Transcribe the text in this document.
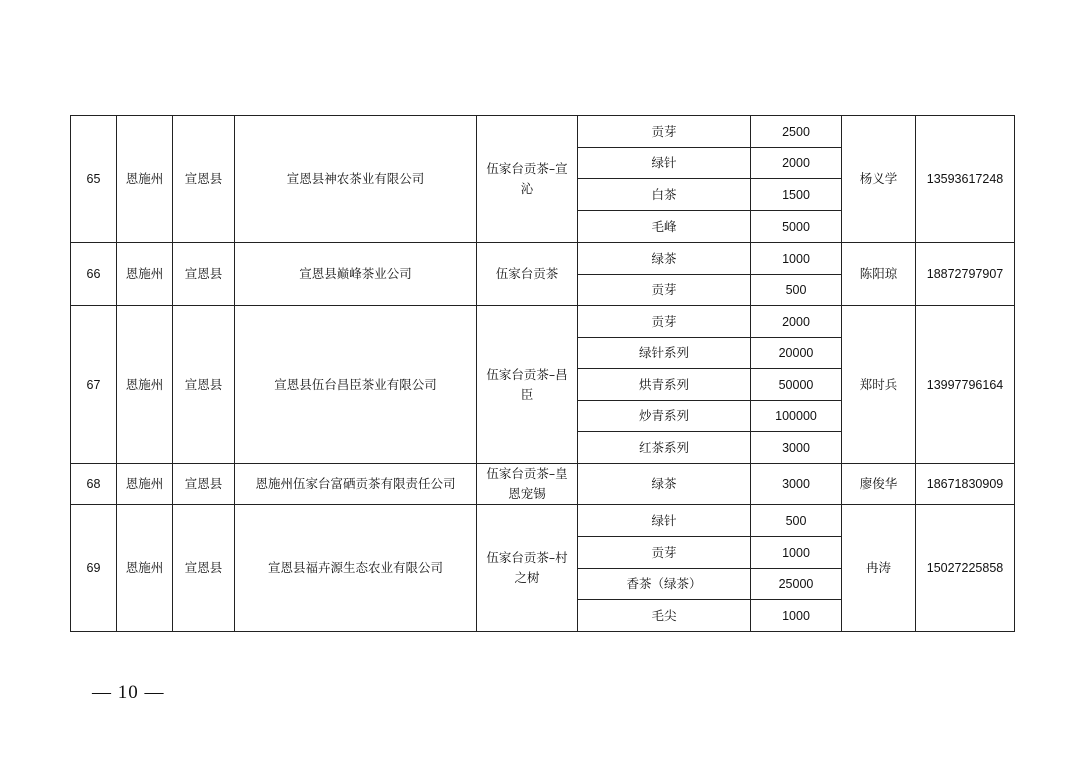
65	恩施州	宣恩县	宣恩县神农茶业有限公司	伍家台贡茶–宣沁	贡芽	2500	杨义学	13593617248
					绿针	2000		
					白茶	1500		
					毛峰	5000		
66	恩施州	宣恩县	宣恩县巅峰茶业公司	伍家台贡茶	绿茶	1000	陈阳琼	18872797907
					贡芽	500		
67	恩施州	宣恩县	宣恩县伍台昌臣茶业有限公司	伍家台贡茶–昌臣	贡芽	2000	郑时兵	13997796164
					绿针系列	20000		
					烘青系列	50000		
					炒青系列	100000		
					红茶系列	3000		
68	恩施州	宣恩县	恩施州伍家台富硒贡茶有限责任公司	伍家台贡茶–皇恩宠锡	绿茶	3000	廖俊华	18671830909
69	恩施州	宣恩县	宣恩县福卉源生态农业有限公司	伍家台贡茶–村之树	绿针	500	冉涛	15027225858
					贡芽	1000		
					香茶（绿茶）	25000		
					毛尖	1000		
— 10 —
